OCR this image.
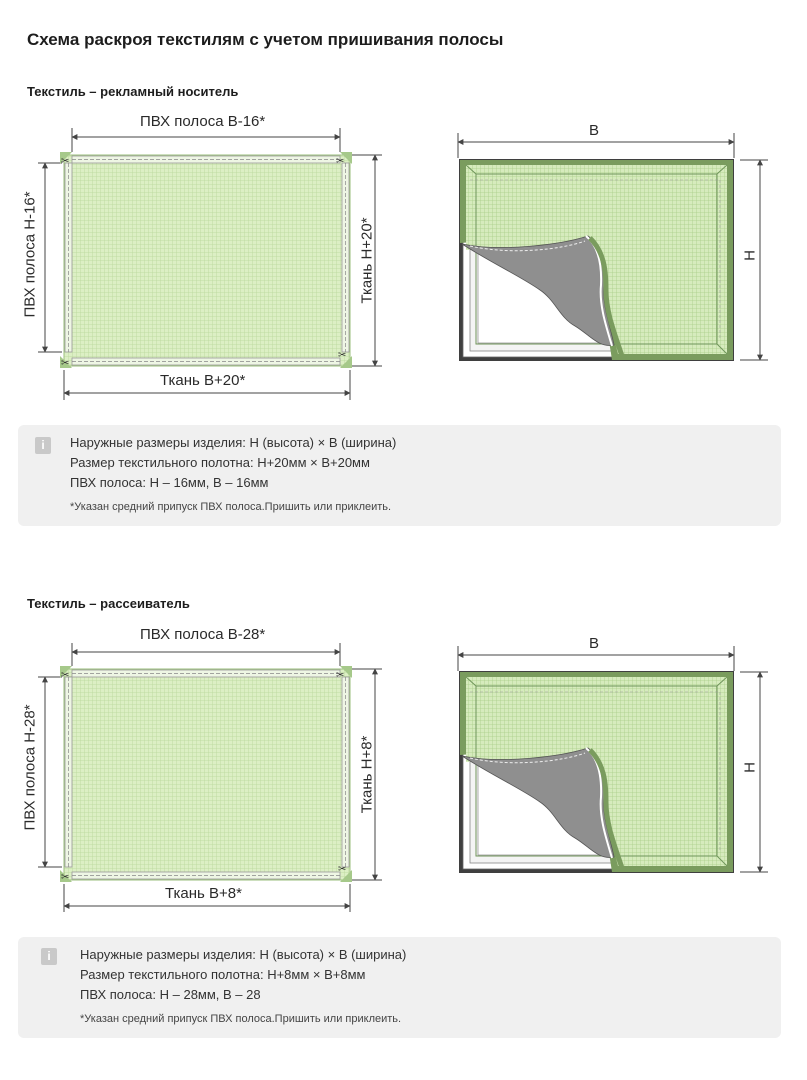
Схема раскроя текстилям с учетом пришивания полосы
Текстиль – рекламный носитель
✂	✂
✂
✂
ПВХ полоса В-16*
ПВХ полоса Н-16*	Ткань Н+20*
Ткань В+20*
В
Н
i	Наружные размеры изделия: Н (высота) × В (ширина)
Размер текстильного полотна: Н+20мм × В+20мм
ПВХ полоса: Н – 16мм, В – 16мм
*Указан средний припуск ПВХ полоса.Пришить или приклеить.
Текстиль – рассеиватель
✂	✂
✂
✂
ПВХ полоса В-28*
ПВХ полоса Н-28*	Ткань Н+8*
Ткань В+8*
В
Н
i	Наружные размеры изделия: Н (высота) × В (ширина)
Размер текстильного полотна: Н+8мм × В+8мм
ПВХ полоса: Н – 28мм, В – 28
*Указан средний припуск ПВХ полоса.Пришить или приклеить.
